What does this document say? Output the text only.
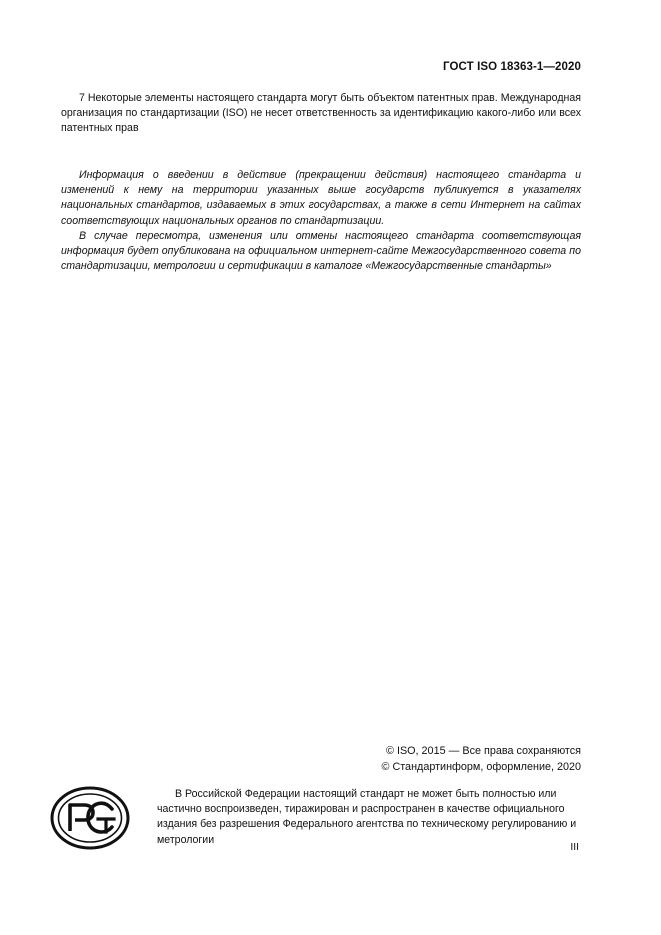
ГОСТ ISO 18363-1—2020

7 Некоторые элементы настоящего стандарта могут быть объектом патентных прав. Международная организация по стандартизации (ISO) не несет ответственность за идентификацию какого-либо или всех патентных прав

Информация о введении в действие (прекращении действия) настоящего стандарта и изменений к нему на территории указанных выше государств публикуется в указателях национальных стандартов, издаваемых в этих государствах, а также в сети Интернет на сайтах соответствующих национальных органов по стандартизации.

В случае пересмотра, изменения или отмены настоящего стандарта соответствующая информация будет опубликована на официальном интернет-сайте Межгосударственного совета по стандартизации, метрологии и сертификации в каталоге «Межгосударственные стандарты»

© ISO, 2015 — Все права сохраняются
© Стандартинформ, оформление, 2020

В Российской Федерации настоящий стандарт не может быть полностью или частично воспроизведен, тиражирован и распространен в качестве официального издания без разрешения Федерального агентства по техническому регулированию и метрологии

III
